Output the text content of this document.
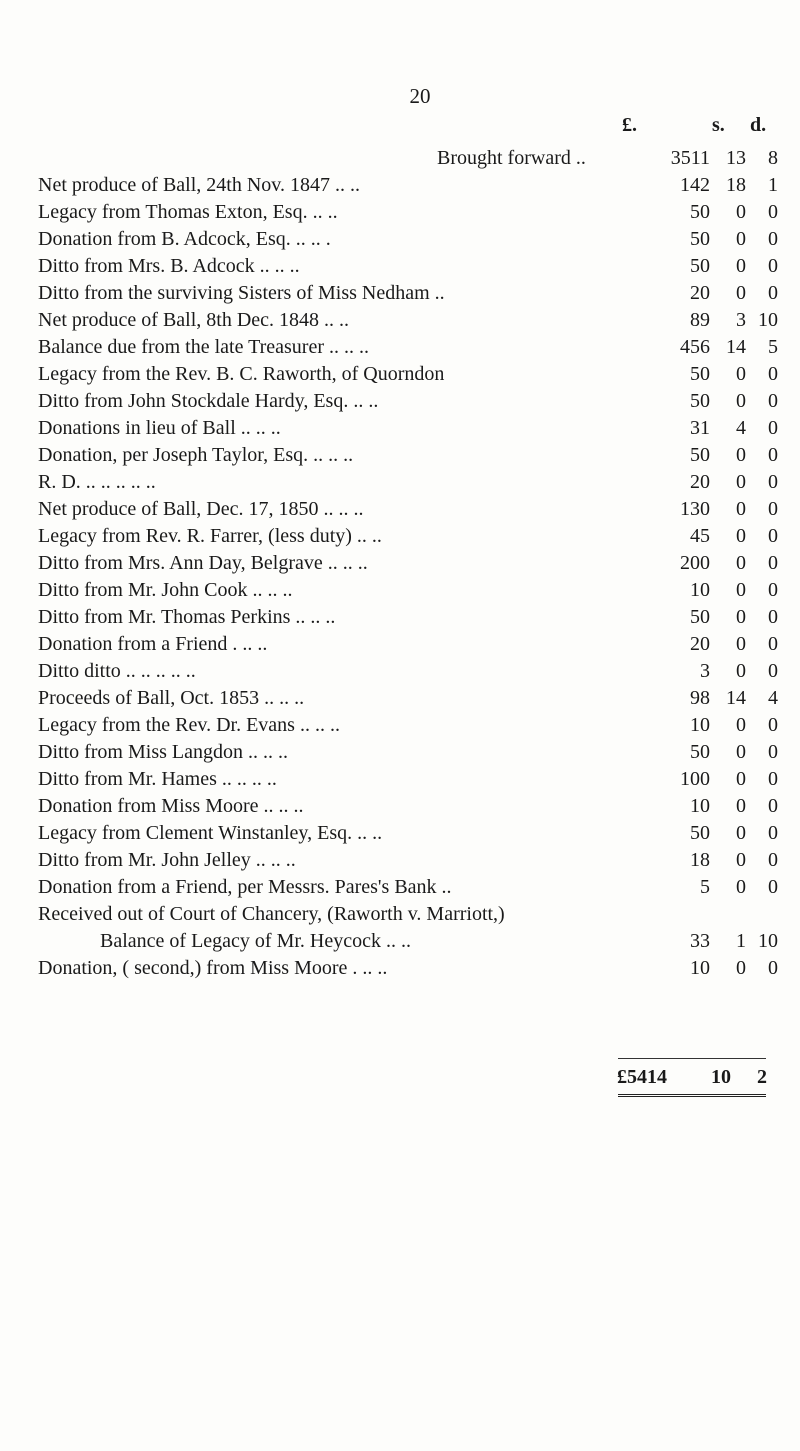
20
£.	s. d.
Brought forward ..	3511 13 8
Net produce of Ball, 24th Nov. 1847 .. ..	142 18 1
Legacy from Thomas Exton, Esq. .. ..	50 0 0
Donation from B. Adcock, Esq. .. .. .	50 0 0
Ditto from Mrs. B. Adcock .. .. ..	50 0 0
Ditto from the surviving Sisters of Miss Nedham ..	20 0 0
Net produce of Ball, 8th Dec. 1848 .. ..	89 3 10
Balance due from the late Treasurer .. .. ..	456 14 5
Legacy from the Rev. B. C. Raworth, of Quorndon	50 0 0
Ditto from John Stockdale Hardy, Esq. .. ..	50 0 0
Donations in lieu of Ball .. .. ..	31 4 0
Donation, per Joseph Taylor, Esq. .. .. ..	50 0 0
R. D. .. .. .. .. ..	20 0 0
Net produce of Ball, Dec. 17, 1850 .. .. ..	130 0 0
Legacy from Rev. R. Farrer, (less duty) .. ..	45 0 0
Ditto from Mrs. Ann Day, Belgrave .. .. ..	200 0 0
Ditto from Mr. John Cook .. .. ..	10 0 0
Ditto from Mr. Thomas Perkins .. .. ..	50 0 0
Donation from a Friend . .. ..	20 0 0
Ditto ditto .. .. .. .. ..	3 0 0
Proceeds of Ball, Oct. 1853 .. .. ..	98 14 4
Legacy from the Rev. Dr. Evans .. .. ..	10 0 0
Ditto from Miss Langdon .. .. ..	50 0 0
Ditto from Mr. Hames .. .. .. ..	100 0 0
Donation from Miss Moore .. .. ..	10 0 0
Legacy from Clement Winstanley, Esq. .. ..	50 0 0
Ditto from Mr. John Jelley .. .. ..	18 0 0
Donation from a Friend, per Messrs. Pares's Bank ..	5 0 0
Received out of Court of Chancery, (Raworth v. Marriott,)
Balance of Legacy of Mr. Heycock .. ..	33 1 10
Donation, ( second,) from Miss Moore . .. ..	10 0 0
£5414 10 2
